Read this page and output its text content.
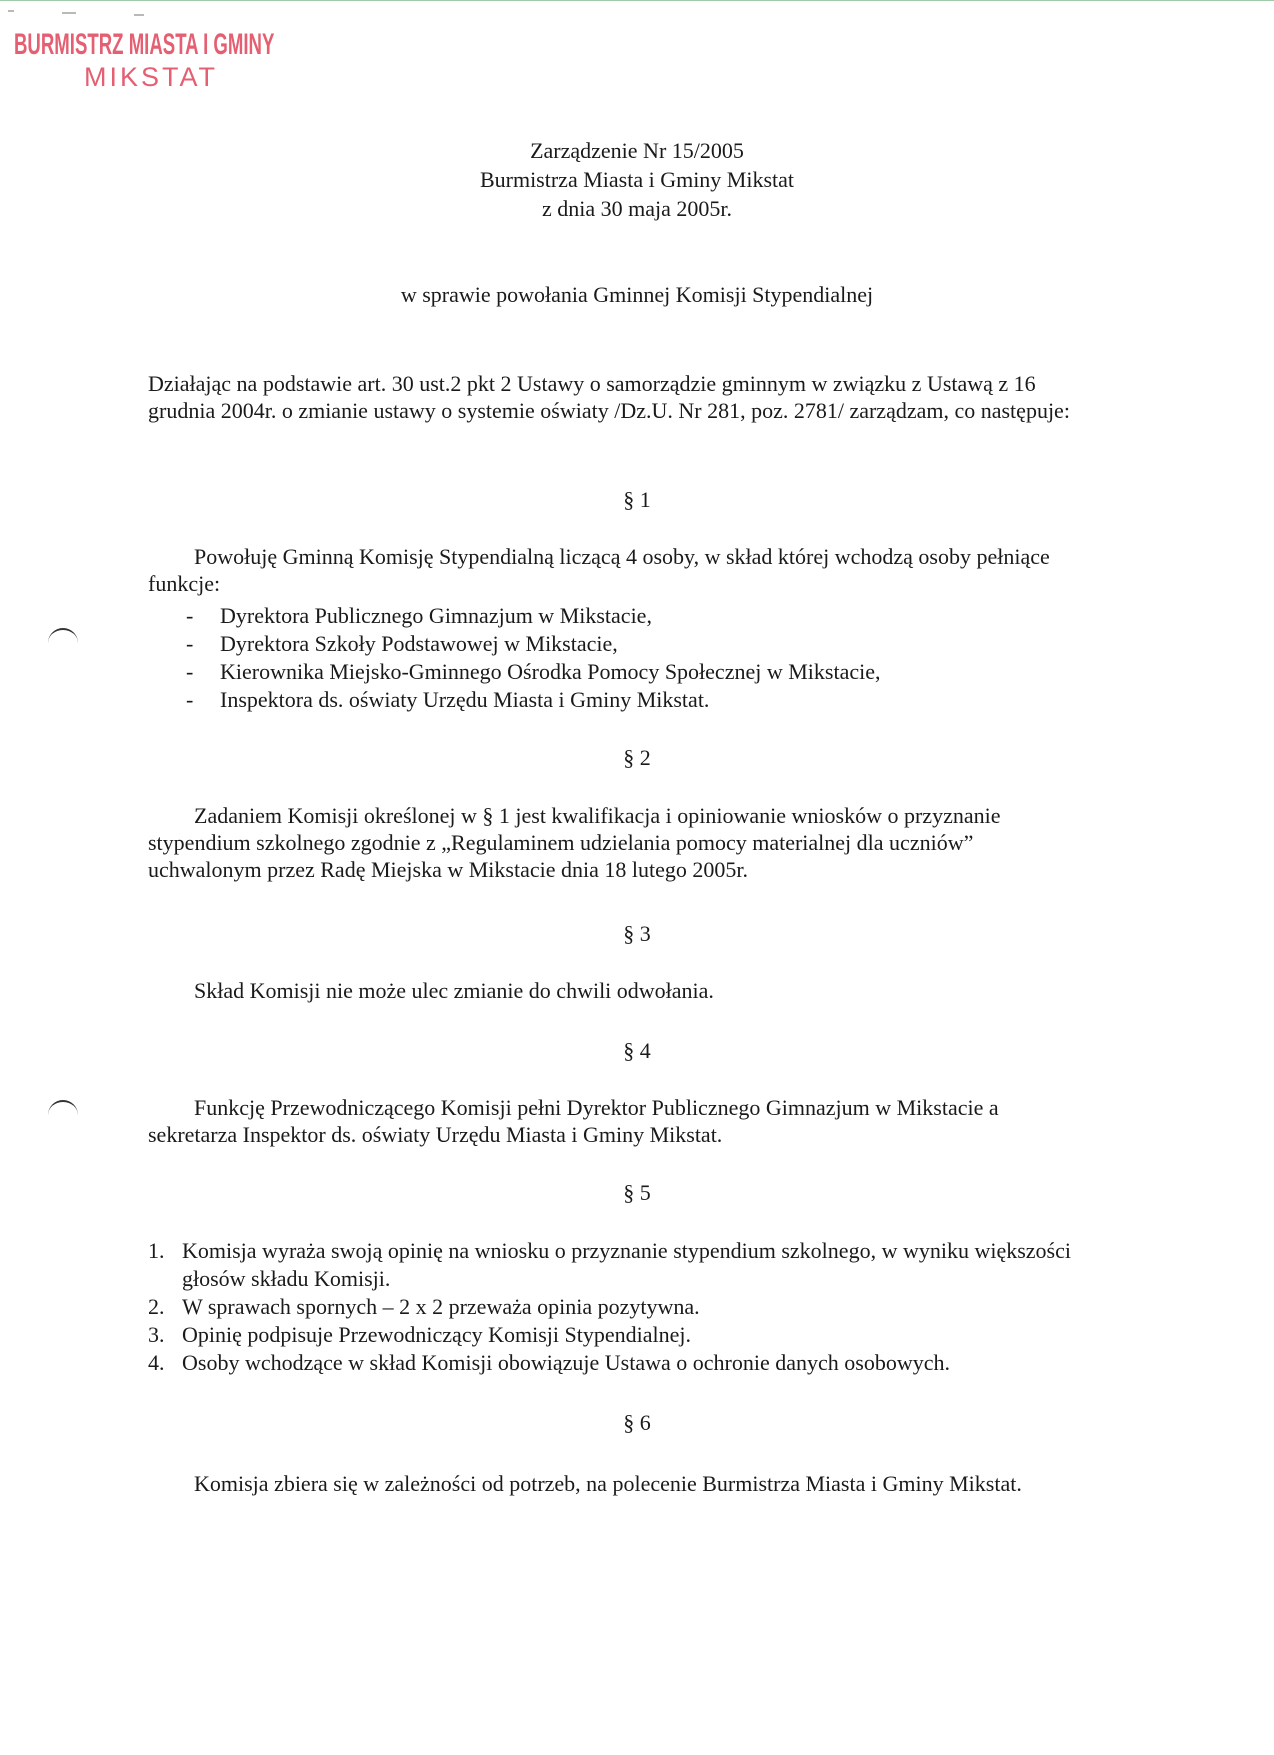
BURMISTRZ MIASTA I GMINY
MIKSTAT
Zarządzenie Nr 15/2005
Burmistrza Miasta i Gminy Mikstat
z dnia 30 maja 2005r.
w sprawie powołania Gminnej Komisji Stypendialnej

Działając na podstawie art. 30 ust.2 pkt 2 Ustawy o samorządzie gminnym w związku z Ustawą z 16 grudnia 2004r. o zmianie ustawy o systemie oświaty /Dz.U. Nr 281, poz. 2781/ zarządzam, co następuje:

§ 1

Powołuję Gminną Komisję Stypendialną liczącą 4 osoby, w skład której wchodzą osoby pełniące funkcje:

- Dyrektora Publicznego Gimnazjum w Mikstacie,
- Dyrektora Szkoły Podstawowej w Mikstacie,
- Kierownika Miejsko-Gminnego Ośrodka Pomocy Społecznej w Mikstacie,
- Inspektora ds. oświaty Urzędu Miasta i Gminy Mikstat.
§ 2

Zadaniem Komisji określonej w § 1 jest kwalifikacja i opiniowanie wniosków o przyznanie stypendium szkolnego zgodnie z „Regulaminem udzielania pomocy materialnej dla uczniów” uchwalonym przez Radę Miejska w Mikstacie dnia 18 lutego 2005r.

§ 3

Skład Komisji nie może ulec zmianie do chwili odwołania.

§ 4

Funkcję Przewodniczącego Komisji pełni Dyrektor Publicznego Gimnazjum w Mikstacie a sekretarza Inspektor ds. oświaty Urzędu Miasta i Gminy Mikstat.

§ 5
1. Komisja wyraża swoją opinię na wniosku o przyznanie stypendium szkolnego, w wyniku większości głosów składu Komisji.
2. W sprawach spornych – 2 x 2 przeważa opinia pozytywna.
3. Opinię podpisuje Przewodniczący Komisji Stypendialnej.
4. Osoby wchodzące w skład Komisji obowiązuje Ustawa o ochronie danych osobowych.
§ 6

Komisja zbiera się w zależności od potrzeb, na polecenie Burmistrza Miasta i Gminy Mikstat.
